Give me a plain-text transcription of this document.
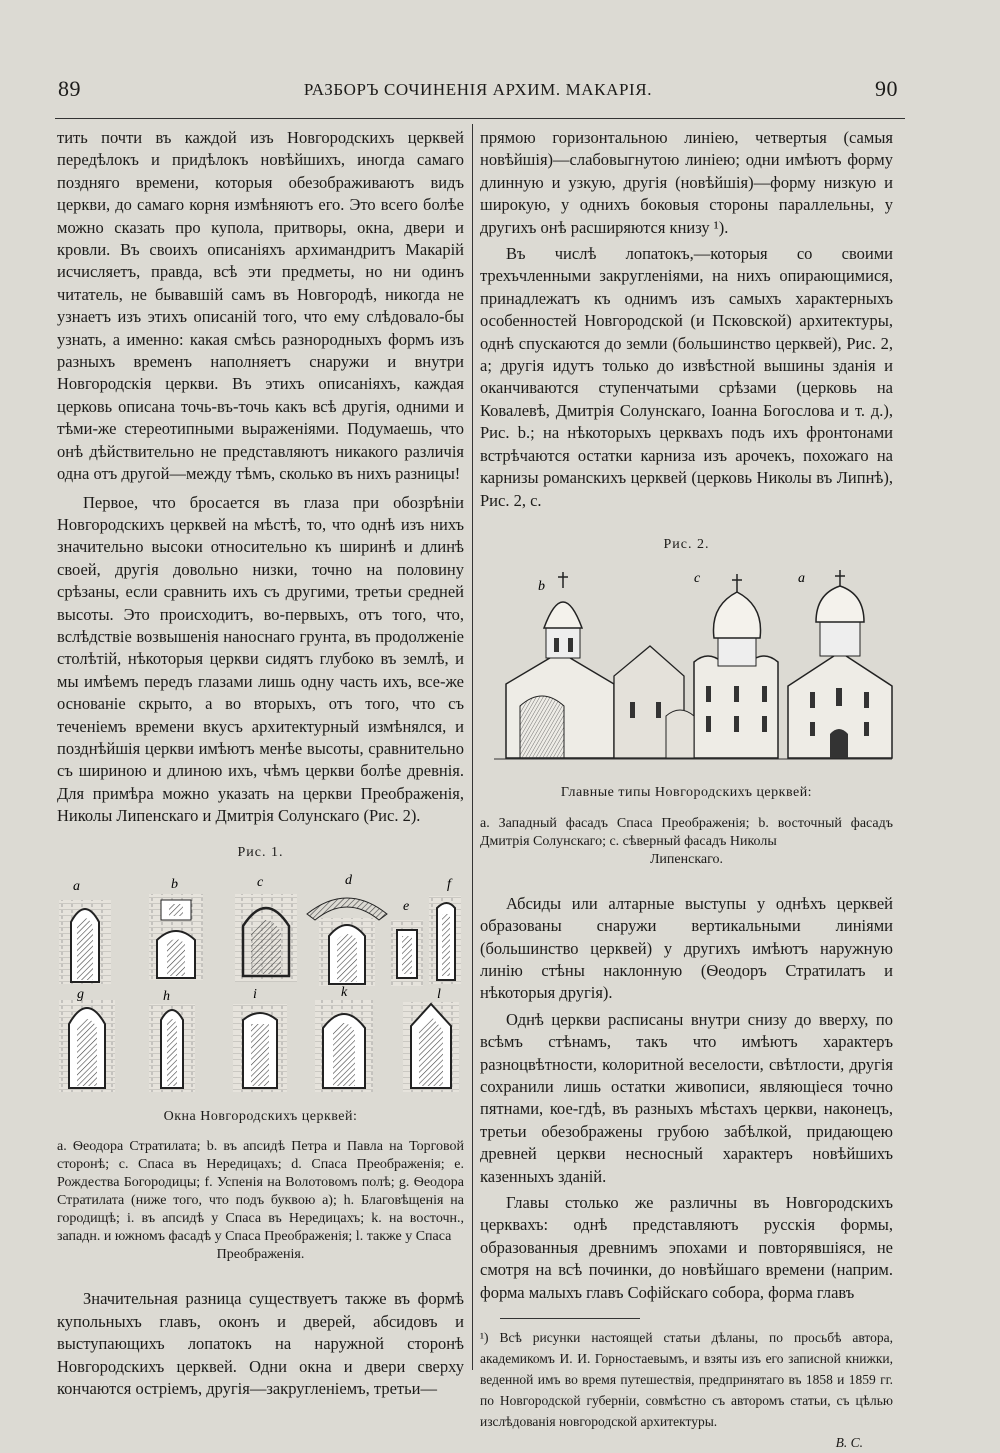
89	РАЗБОРЪ СОЧИНЕНІЯ АРХИМ. МАКАРІЯ.	90

тить почти въ каждой изъ Новгородскихъ церквей передѣлокъ и придѣлокъ новѣйшихъ, иногда самаго поздняго времени, которыя обезображиваютъ видъ церкви, до самаго корня измѣняютъ его. Это всего болѣе можно сказать про купола, притворы, окна, двери и кровли. Въ своихъ описаніяхъ архимандритъ Макарій исчисляетъ, правда, всѣ эти предметы, но ни одинъ читатель, не бывавшій самъ въ Новгородѣ, никогда не узнаетъ изъ этихъ описаній того, что ему слѣдовало-бы узнать, а именно: какая смѣсь разнородныхъ формъ изъ разныхъ временъ наполняетъ снаружи и внутри Новгородскія церкви. Въ этихъ описаніяхъ, каждая церковь описана точь-въ-точь какъ всѣ другія, одними и тѣми-же стереотипными выраженіями. Подумаешь, что онѣ дѣйствительно не представляютъ никакого различія одна отъ другой—между тѣмъ, сколько въ нихъ разницы!

Первое, что бросается въ глаза при обозрѣніи Новгородскихъ церквей на мѣстѣ, то, что однѣ изъ нихъ значительно высоки относительно къ ширинѣ и длинѣ своей, другія довольно низки, точно на половину срѣзаны, если сравнить ихъ съ другими, третьи средней высоты. Это происходитъ, во-первыхъ, отъ того, что, вслѣдствіе возвышенія наноснаго грунта, въ продолженіе столѣтій, нѣкоторыя церкви сидятъ глубоко въ землѣ, и мы имѣемъ передъ глазами лишь одну часть ихъ, все-же основаніе скрыто, а во вторыхъ, отъ того, что съ теченіемъ времени вкусъ архитектурный измѣнялся, и позднѣйшія церкви имѣютъ менѣе высоты, сравнительно съ шириною и длиною ихъ, чѣмъ церкви болѣе древнія. Для примѣра можно указать на церкви Преображенія, Николы Липенскаго и Дмитрія Солунскаго (Рис. 2).

Рис. 1.
a	b	c	d
e
f
g	h	i	k	l
Окна Новгородскихъ церквей:
a. Ѳеодора Стратилата; b. въ апсидѣ Петра и Павла на Торговой сторонѣ; c. Спаса въ Нередицахъ; d. Спаса Преображенія; e. Рождества Богородицы; f. Успенія на Волотовомъ полѣ; g. Ѳеодора Стратилата (ниже того, что подъ буквою a); h. Благовѣщенія на городищѣ; i. въ апсидѣ у Спаса въ Нередицахъ; k. на восточн., западн. и южномъ фасадѣ у Спаса Преображенія; l. также у Спаса
Преображенія.

Значительная разница существуетъ также въ формѣ купольныхъ главъ, оконъ и дверей, абсидовъ и выступающихъ лопатокъ на наружной сторонѣ Новгородскихъ церквей. Одни окна и двери сверху кончаются остріемъ, другія—закругленіемъ, третьи—

прямою горизонтальною линіею, четвертыя (самыя новѣйшія)—слабовыгнутою линіею; одни имѣютъ форму длинную и узкую, другія (новѣйшія)—форму низкую и широкую, у однихъ боковыя стороны параллельны, у другихъ онѣ расширяются книзу ¹).

Въ числѣ лопатокъ,—которыя со своими трехъчленными закругленіями, на нихъ опирающимися, принадлежатъ къ однимъ изъ самыхъ характерныхъ особенностей Новгородской (и Псковской) архитектуры, однѣ спускаются до земли (большинство церквей), Рис. 2, a; другія идутъ только до извѣстной вышины зданія и оканчиваются ступенчатыми срѣзами (церковь на Ковалевѣ, Дмитрія Солунскаго, Іоанна Богослова и т. д.), Рис. b.; на нѣкоторыхъ церквахъ подъ ихъ фронтонами встрѣчаются остатки карниза изъ арочекъ, похожаго на карнизы романскихъ церквей (церковь Николы въ Липнѣ), Рис. 2, c.

Рис. 2.
b
c	a
Главные типы Новгородскихъ церквей:
a. Западный фасадъ Спаса Преображенія; b. восточный фасадъ Дмитрія Солунскаго; c. сѣверный фасадъ Николы
Липенскаго.

Абсиды или алтарные выступы у однѣхъ церквей образованы снаружи вертикальными линіями (большинство церквей) у другихъ имѣютъ наружную линію стѣны наклонную (Ѳеодоръ Стратилатъ и нѣкоторыя другія).

Однѣ церкви расписаны внутри снизу до вверху, по всѣмъ стѣнамъ, такъ что имѣютъ характеръ разноцвѣтности, колоритной веселости, свѣтлости, другія сохранили лишь остатки живописи, являющіеся точно пятнами, кое-гдѣ, въ разныхъ мѣстахъ церкви, наконецъ, третьи обезображены грубою забѣлкой, придающею древней церкви несносный характеръ новѣйшихъ казенныхъ зданій.

Главы столько же различны въ Новгородскихъ церквахъ: однѣ представляютъ русскія формы, образованныя древнимъ эпохами и повторявшіяся, не смотря на всѣ починки, до новѣйшаго времени (наприм. форма малыхъ главъ Софійскаго собора, форма главъ

¹) Всѣ рисунки настоящей статьи дѣланы, по просьбѣ автора, академикомъ И. И. Горностаевымъ, и взяты изъ его записной книжки, веденной имъ во время путешествія, предпринятаго въ 1858 и 1859 гг. по Новгородской губерніи, совмѣстно съ авторомъ статьи, съ цѣлью изслѣдованія новгородской архитектуры.
В. С.
